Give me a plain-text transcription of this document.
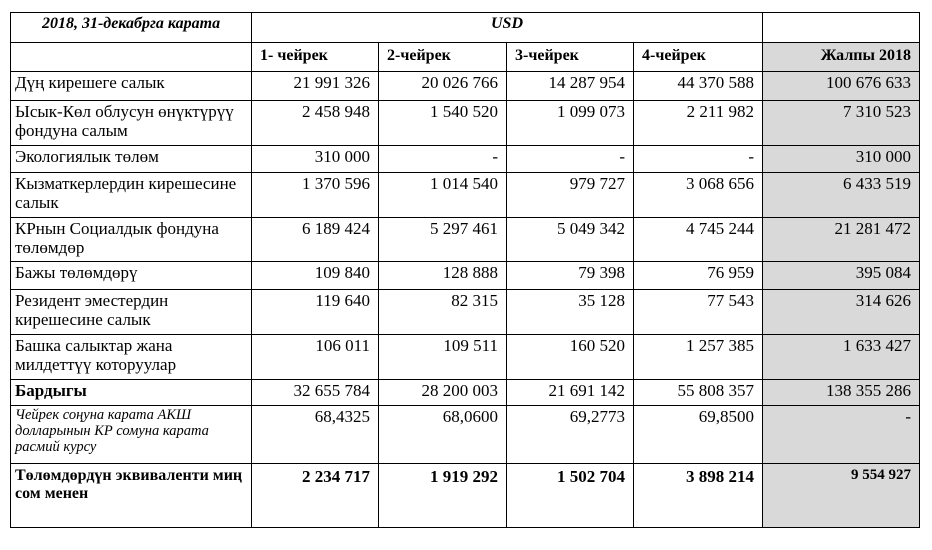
2018, 31-декабрга карата	USD				
	1- чейрек	2-чейрек	3-чейрек	4-чейрек	Жалпы 2018
Дүң кирешеге салык	21 991 326	20 026 766	14 287 954	44 370 588	100 676 633
Ысык-Көл облусун өнүктүрүү фондуна салым	2 458 948	1 540 520	1 099 073	2 211 982	7 310 523
Экологиялык төлөм	310 000	-	-	-	310 000
Кызматкерлердин кирешесине салык	1 370 596	1 014 540	979 727	3 068 656	6 433 519
КРнын Социалдык фондуна төлөмдөр	6 189 424	5 297 461	5 049 342	4 745 244	21 281 472
Бажы төлөмдөрү	109 840	128 888	79 398	76 959	395 084
Резидент эместердин кирешесине салык	119 640	82 315	35 128	77 543	314 626
Башка салыктар жана милдеттүү которуулар	106 011	109 511	160 520	1 257 385	1 633 427
Бардыгы	32 655 784	28 200 003	21 691 142	55 808 357	138 355 286
Чейрек соңуна карата АКШ долларынын КР сомуна карата расмий курсу	68,4325	68,0600	69,2773	69,8500	-
Төлөмдөрдүн эквиваленти миң сом менен	2 234 717	1 919 292	1 502 704	3 898 214	9 554 927
